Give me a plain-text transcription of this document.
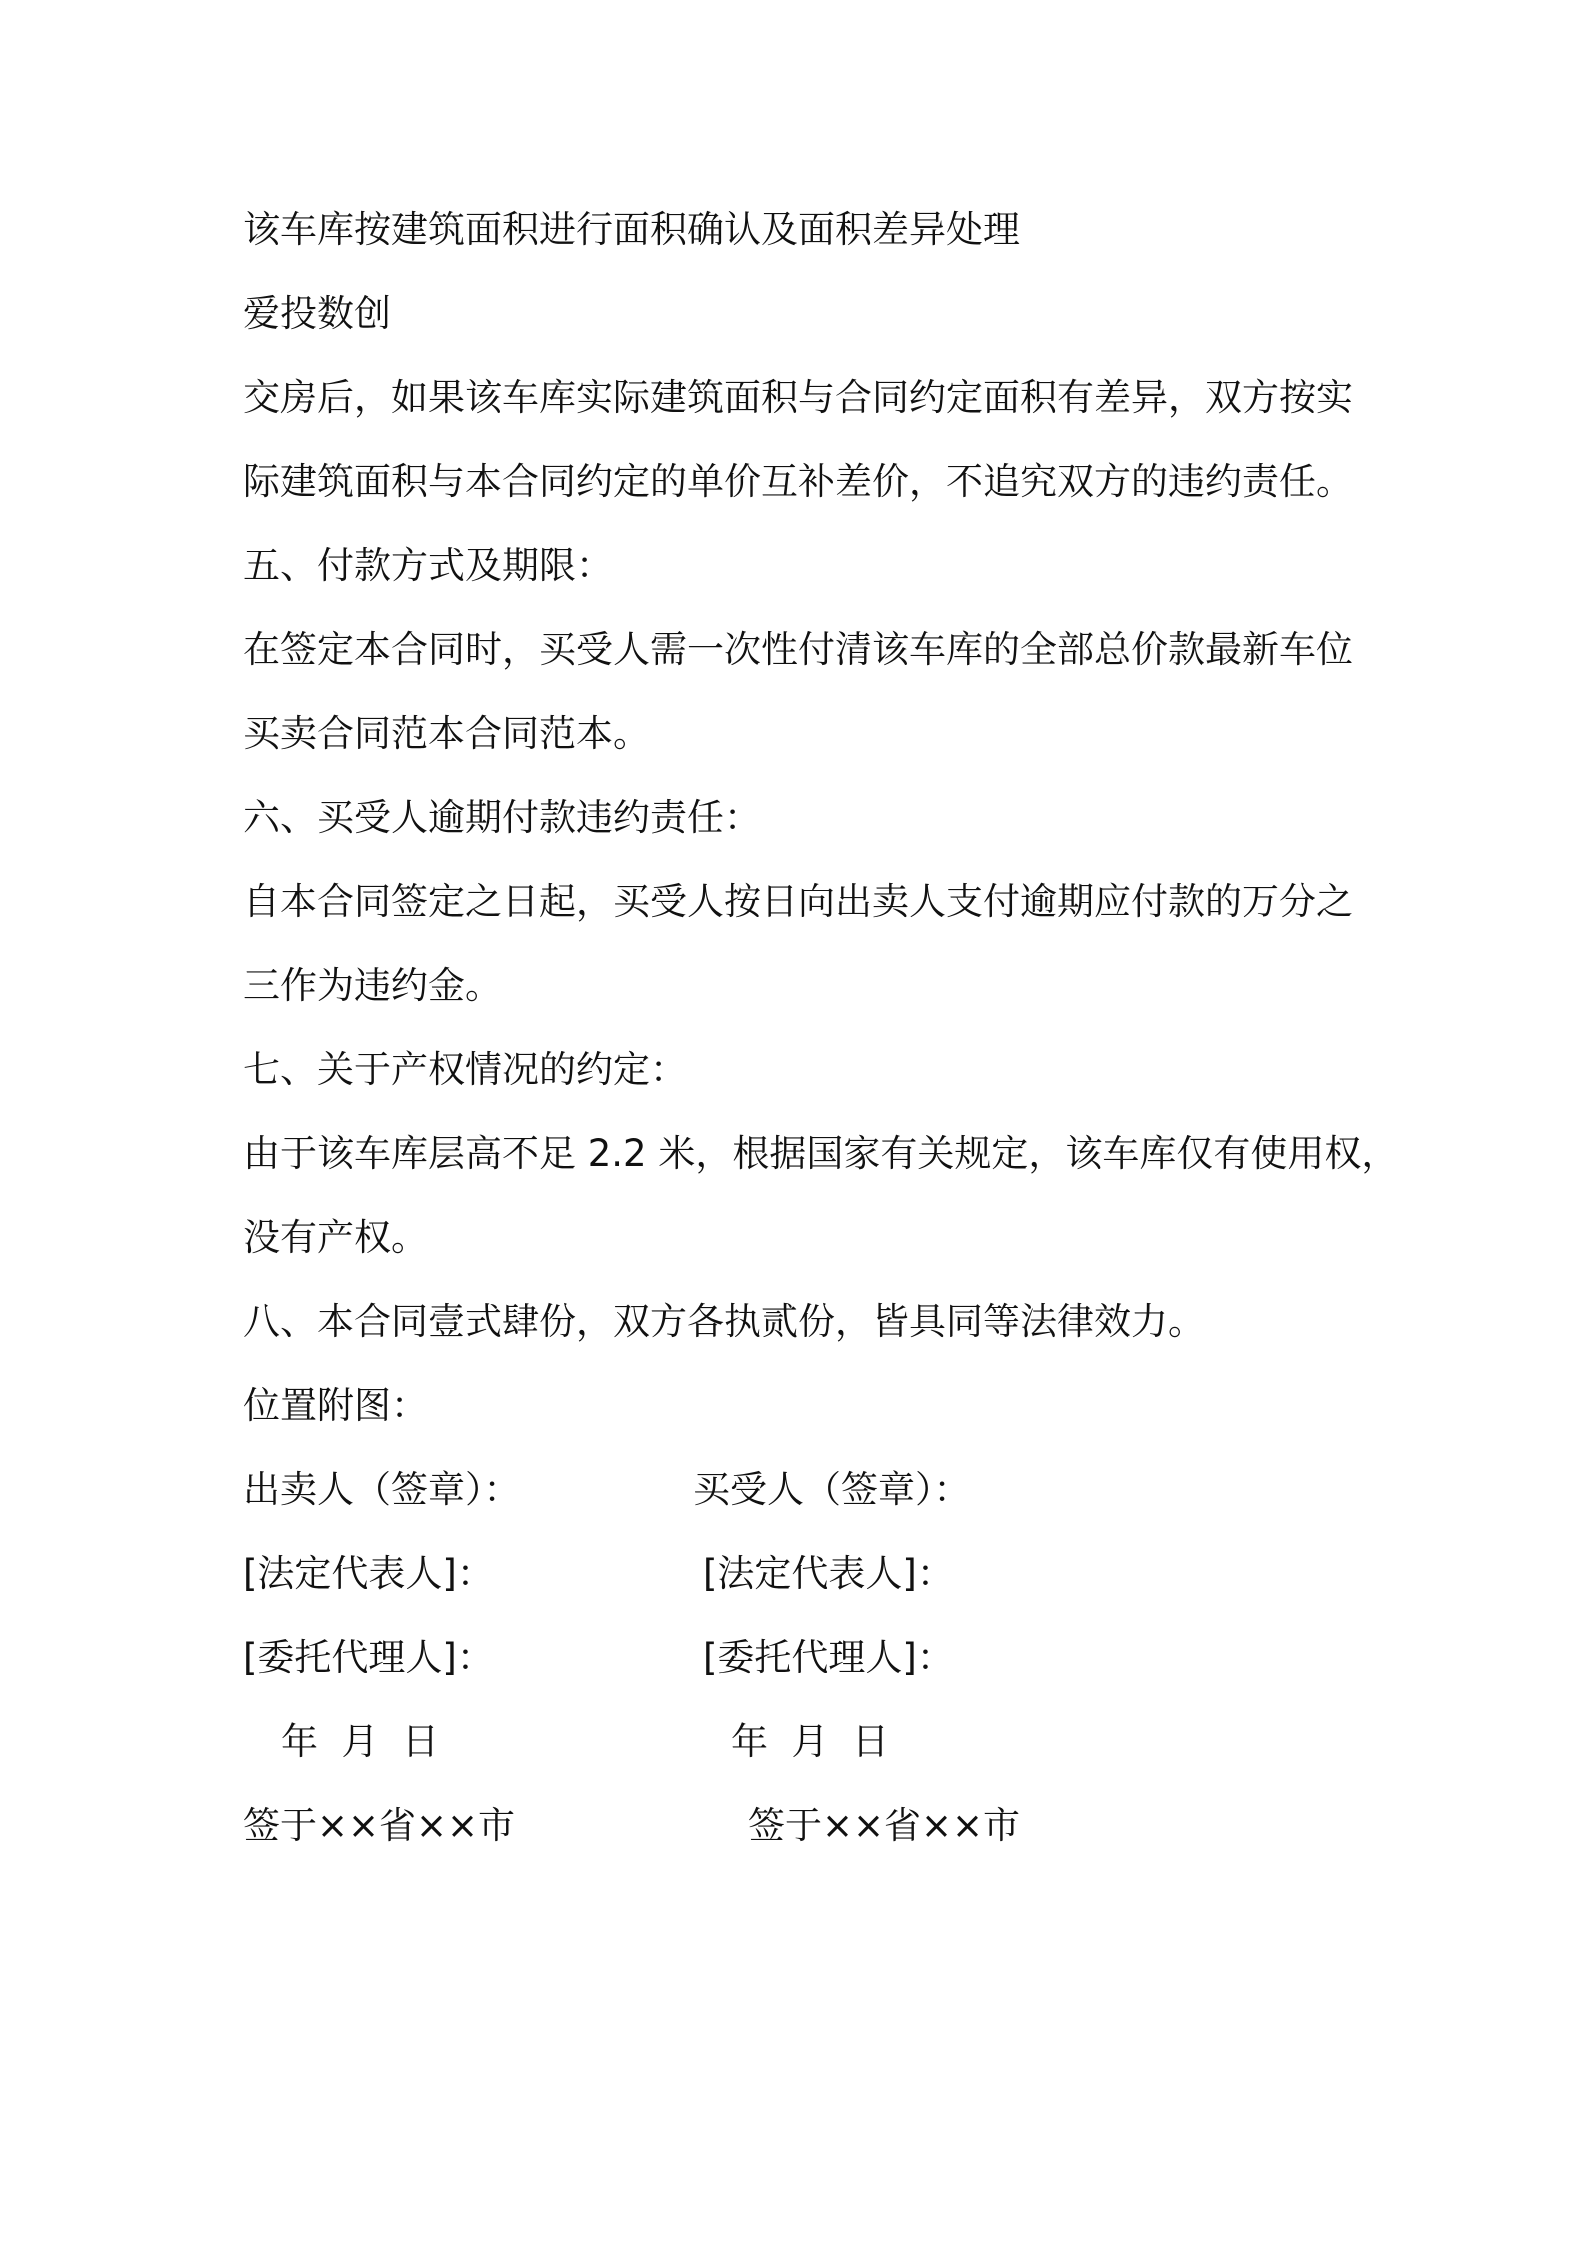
该车库按建筑面积进行面积确认及面积差异处理
爱投数创
交房后，如果该车库实际建筑面积与合同约定面积有差异，双方按实
际建筑面积与本合同约定的单价互补差价，不追究双方的违约责任。
五、付款方式及期限：
在签定本合同时，买受人需一次性付清该车库的全部总价款最新车位
买卖合同范本合同范本。
六、买受人逾期付款违约责任：
自本合同签定之日起，买受人按日向出卖人支付逾期应付款的万分之
三作为违约金。
七、关于产权情况的约定：
由于该车库层高不足 2.2 米，根据国家有关规定，该车库仅有使用权，
没有产权。
八、本合同壹式肆份，双方各执贰份，皆具同等法律效力。
位置附图：
出卖人（签章）：	买受人（签章）：
[法定代表人]：	[法定代表人]：
[委托代理人]：	[委托代理人]：
年  月  日	年  月  日
签于××省××市	签于××省××市
